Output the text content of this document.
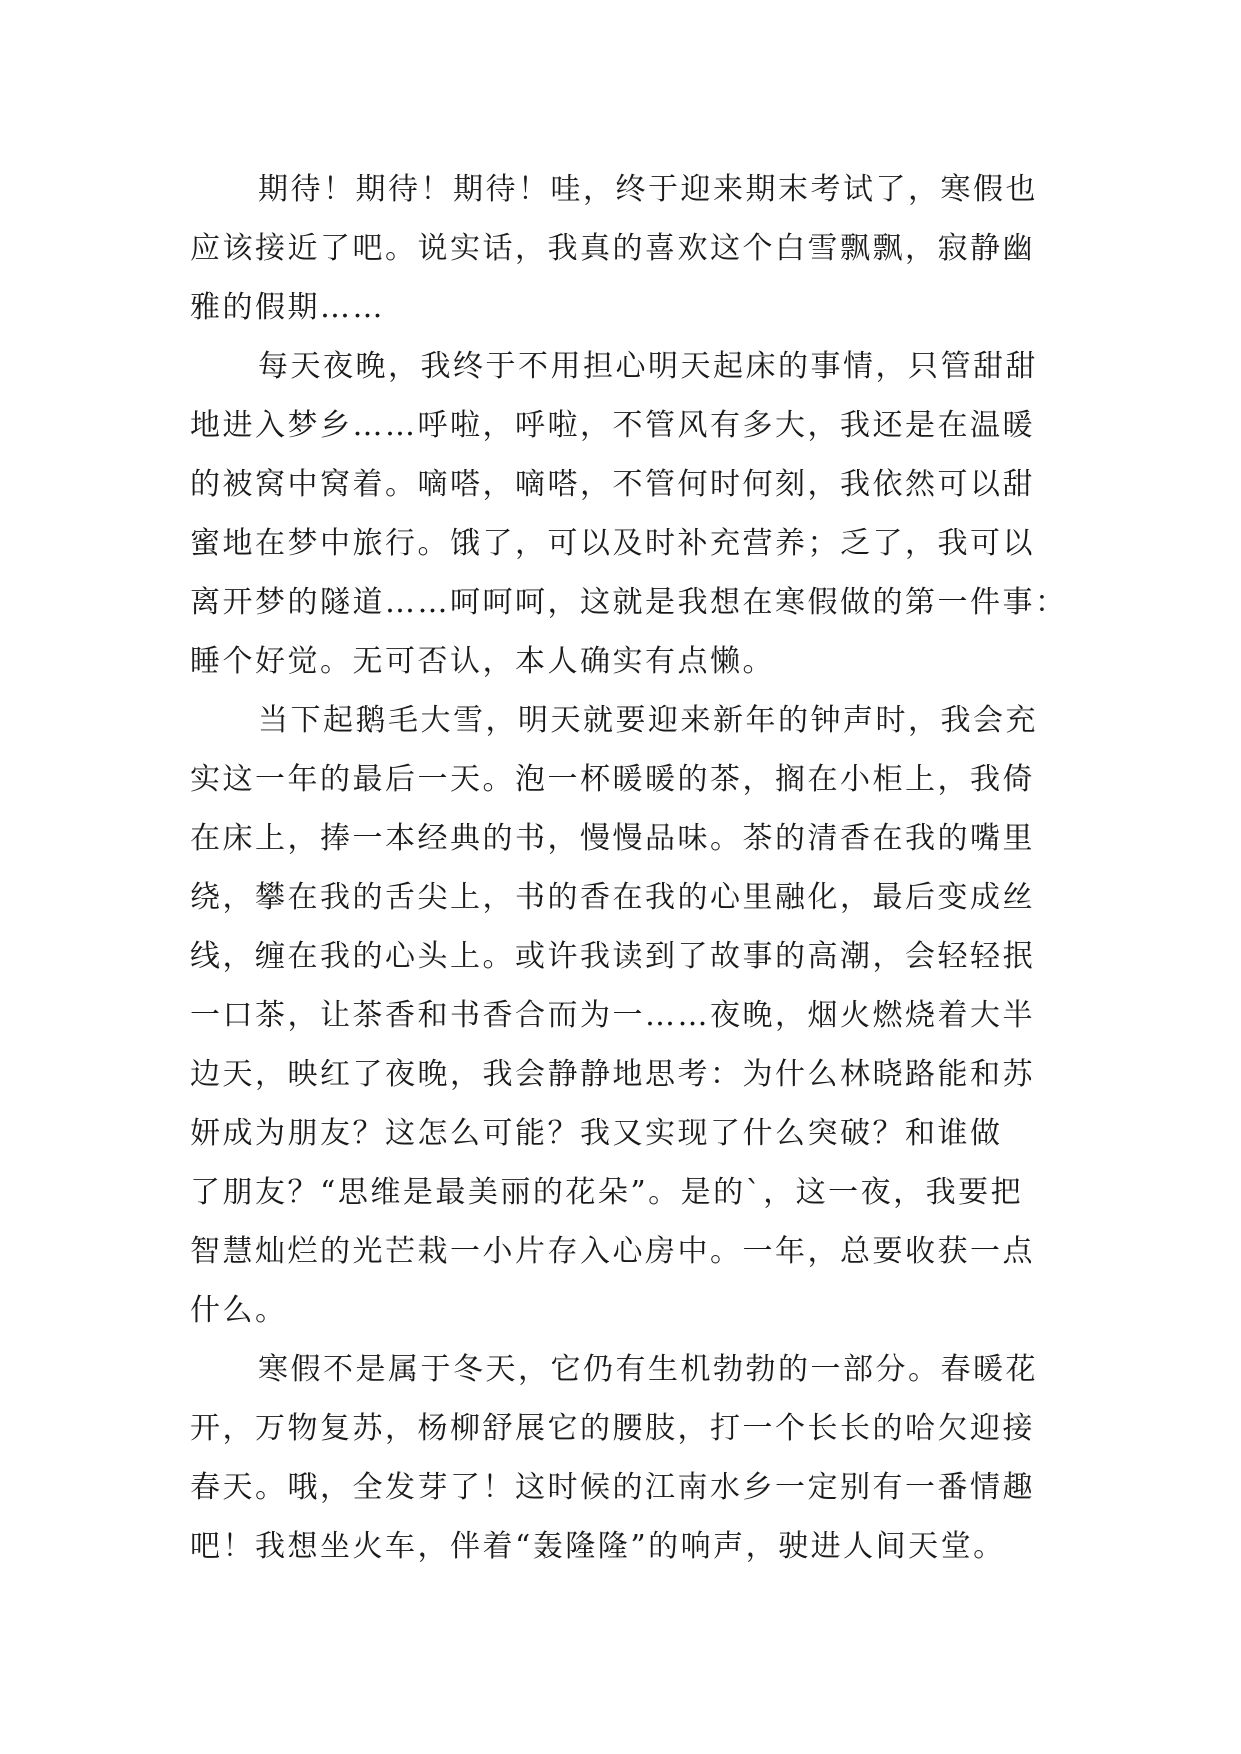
期待！期待！期待！哇，终于迎来期末考试了，寒假也
应该接近了吧。说实话，我真的喜欢这个白雪飘飘，寂静幽
雅的假期……
每天夜晚，我终于不用担心明天起床的事情，只管甜甜
地进入梦乡……呼啦，呼啦，不管风有多大，我还是在温暖
的被窝中窝着。嘀嗒，嘀嗒，不管何时何刻，我依然可以甜
蜜地在梦中旅行。饿了，可以及时补充营养；乏了，我可以
离开梦的隧道……呵呵呵，这就是我想在寒假做的第一件事：
睡个好觉。无可否认，本人确实有点懒。
当下起鹅毛大雪，明天就要迎来新年的钟声时，我会充
实这一年的最后一天。泡一杯暖暖的茶，搁在小柜上，我倚
在床上，捧一本经典的书，慢慢品味。茶的清香在我的嘴里
绕，攀在我的舌尖上，书的香在我的心里融化，最后变成丝
线，缠在我的心头上。或许我读到了故事的高潮，会轻轻抿
一口茶，让茶香和书香合而为一……夜晚，烟火燃烧着大半
边天，映红了夜晚，我会静静地思考：为什么林晓路能和苏
妍成为朋友？这怎么可能？我又实现了什么突破？和谁做
了朋友？“思维是最美丽的花朵”。是的`，这一夜，我要把
智慧灿烂的光芒栽一小片存入心房中。一年，总要收获一点
什么。
寒假不是属于冬天，它仍有生机勃勃的一部分。春暖花
开，万物复苏，杨柳舒展它的腰肢，打一个长长的哈欠迎接
春天。哦，全发芽了！这时候的江南水乡一定别有一番情趣
吧！我想坐火车，伴着“轰隆隆”的响声，驶进人间天堂。
